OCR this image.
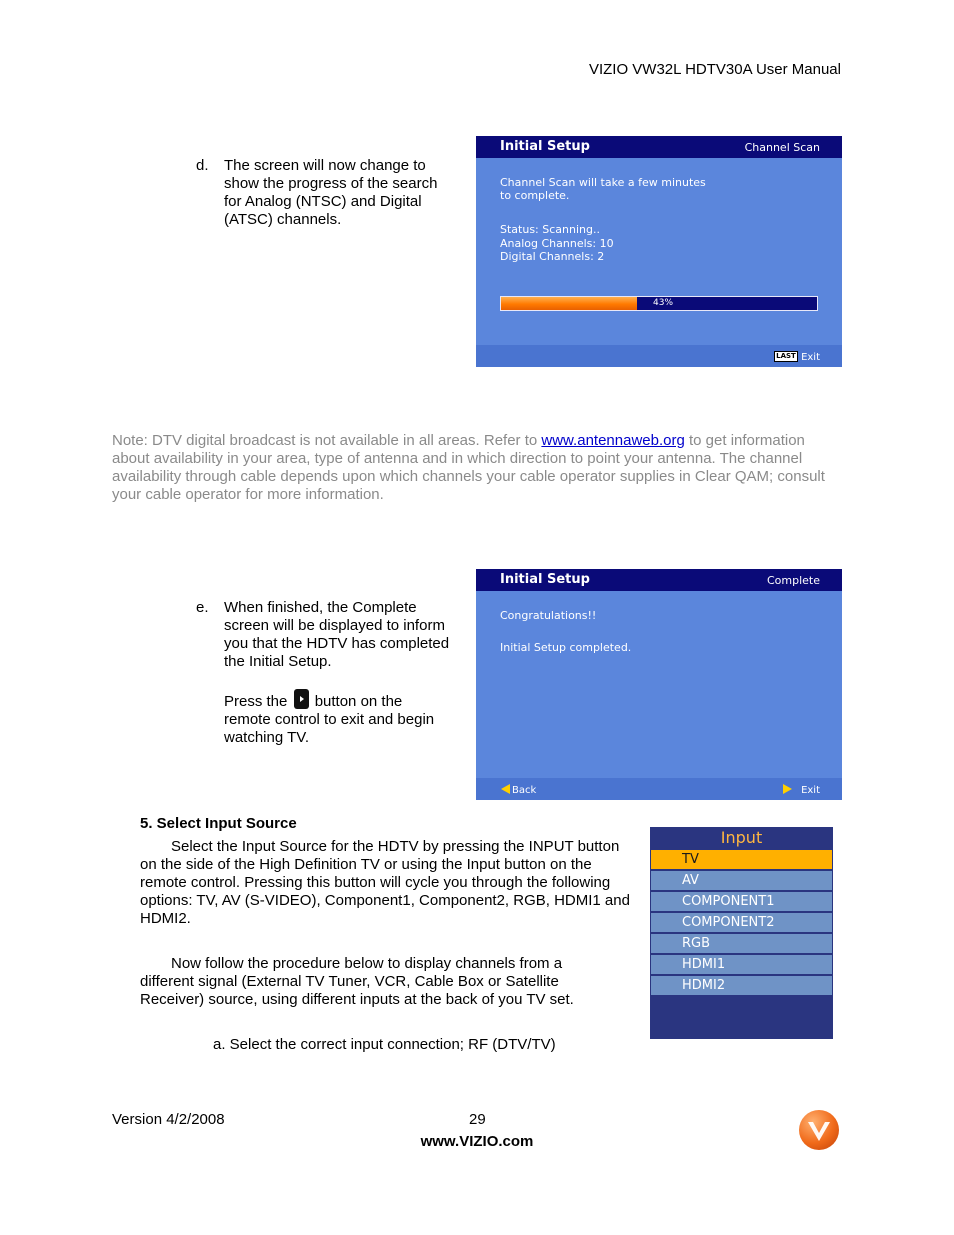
VIZIO VW32L HDTV30A User Manual
d. The screen will now change to
show the progress of the search
for Analog (NTSC) and Digital
(ATSC) channels.
Initial Setup	Channel Scan
Channel Scan will take a few minutes
to complete.
Status: Scanning..
Analog Channels: 10
Digital Channels: 2
43%
LAST Exit
Note: DTV digital broadcast is not available in all areas. Refer to www.antennaweb.org to get information about availability in your area, type of antenna and in which direction to point your antenna. The channel availability through cable depends upon which channels your cable operator supplies in Clear QAM; consult your cable operator for more information.
e. When finished, the Complete
screen will be displayed to inform
you that the HDTV has completed
the Initial Setup.
Press the  button on the
remote control to exit and begin
watching TV.
Initial Setup	Complete
Congratulations!!
Initial Setup completed.
Back	Exit
5. Select Input Source
Select the Input Source for the HDTV by pressing the INPUT button on the side of the High Definition TV or using the Input button on the remote control. Pressing this button will cycle you through the following options: TV, AV (S-VIDEO), Component1, Component2, RGB, HDMI1 and HDMI2.
Now follow the procedure below to display channels from a different signal (External TV Tuner, VCR, Cable Box or Satellite Receiver) source, using different inputs at the back of you TV set.
a. Select the correct input connection; RF (DTV/TV)
Input
TV
AV
COMPONENT1
COMPONENT2
RGB
HDMI1
HDMI2
Version 4/2/2008	29
www.VIZIO.com
